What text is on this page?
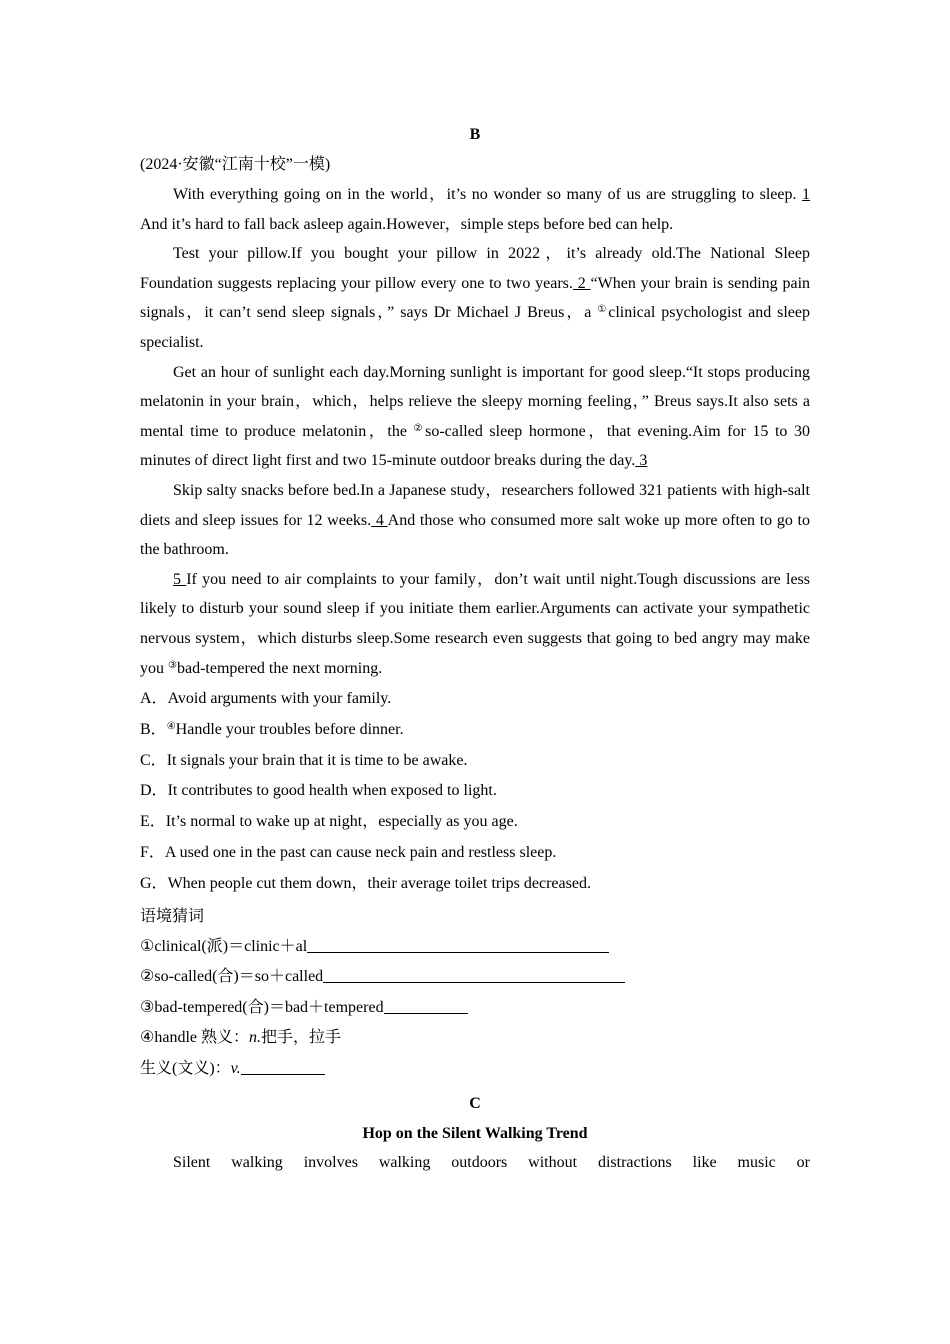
B
(2024·安徽“江南十校”一模)

With everything going on in the world，it’s no wonder so many of us are struggling to sleep. 1 And it’s hard to fall back asleep again.However，simple steps before bed can help.

Test your pillow.If you bought your pillow in 2022，it’s already old.The National Sleep Foundation suggests replacing your pillow every one to two years. 2 “When your brain is sending pain signals，it can’t send sleep signals，” says Dr Michael J Breus，a ①clinical psychologist and sleep specialist.

Get an hour of sunlight each day.Morning sunlight is important for good sleep.“It stops producing melatonin in your brain，which，helps relieve the sleepy morning feeling，” Breus says.It also sets a mental time to produce melatonin，the ②so-called sleep hormone，that evening.Aim for 15 to 30 minutes of direct light first and two 15-minute outdoor breaks during the day. 3

Skip salty snacks before bed.In a Japanese study，researchers followed 321 patients with high-salt diets and sleep issues for 12 weeks. 4 And those who consumed more salt woke up more often to go to the bathroom.

5 If you need to air complaints to your family，don’t wait until night.Tough discussions are less likely to disturb your sound sleep if you initiate them earlier.Arguments can activate your sympathetic nervous system，which disturbs sleep.Some research even suggests that going to bed angry may make you ③bad-tempered the next morning.

A．Avoid arguments with your family.

B．④Handle your troubles before dinner.

C．It signals your brain that it is time to be awake.

D．It contributes to good health when exposed to light.

E．It’s normal to wake up at night，especially as you age.

F．A used one in the past can cause neck pain and restless sleep.

G．When people cut them down，their average toilet trips decreased.

语境猜词

①clinical(派)＝clinic＋al

②so-called(合)＝so＋called

③bad-tempered(合)＝bad＋tempered

④handle 熟义：n.把手，拉手

生义(文义)：v.

C
Hop on the Silent Walking Trend

Silent walking involves walking outdoors without distractions like music or
